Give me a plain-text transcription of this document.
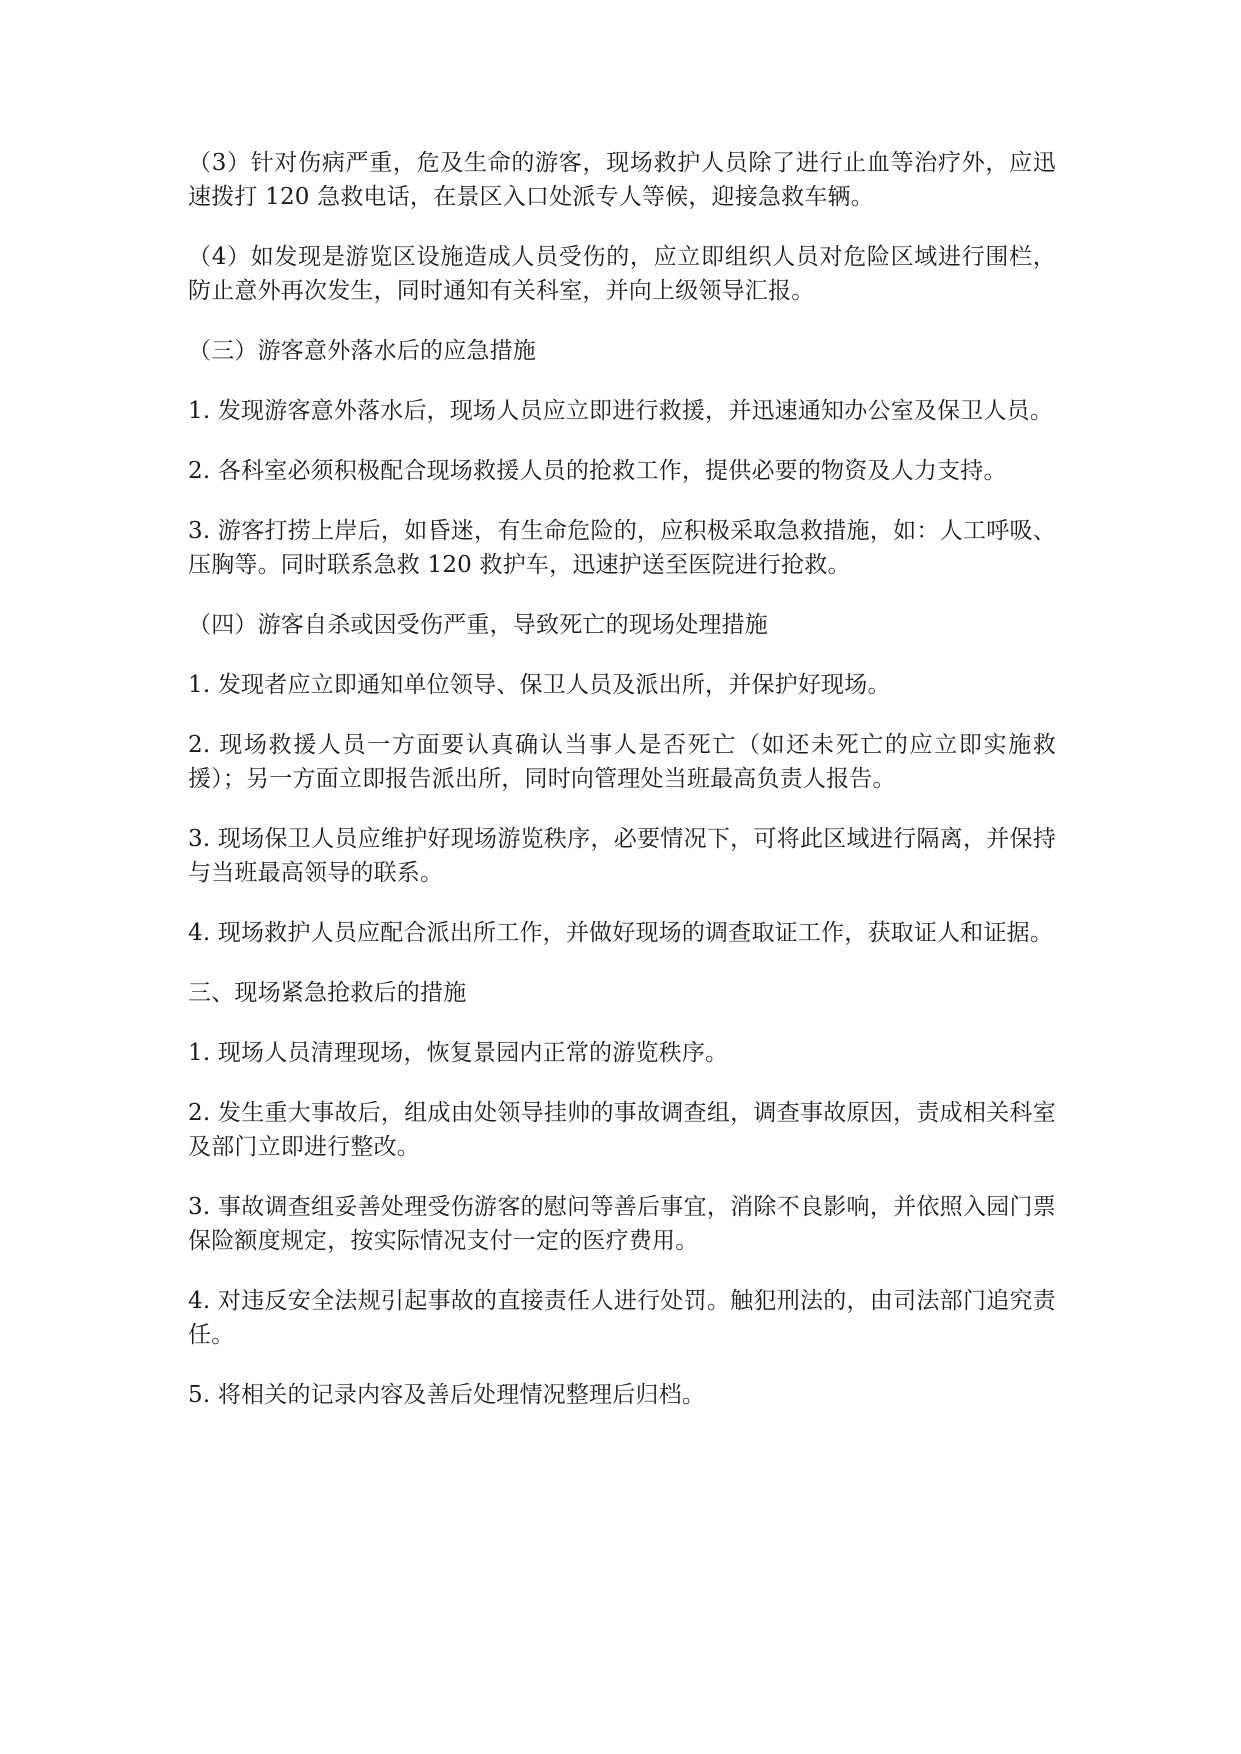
（3）针对伤病严重，危及生命的游客，现场救护人员除了进行止血等治疗外，应迅速拨打 120 急救电话，在景区入口处派专人等候，迎接急救车辆。

（4）如发现是游览区设施造成人员受伤的，应立即组织人员对危险区域进行围栏，防止意外再次发生，同时通知有关科室，并向上级领导汇报。

（三）游客意外落水后的应急措施

1. 发现游客意外落水后，现场人员应立即进行救援，并迅速通知办公室及保卫人员。

2. 各科室必须积极配合现场救援人员的抢救工作，提供必要的物资及人力支持。

3. 游客打捞上岸后，如昏迷，有生命危险的，应积极采取急救措施，如：人工呼吸、压胸等。同时联系急救 120 救护车，迅速护送至医院进行抢救。

（四）游客自杀或因受伤严重，导致死亡的现场处理措施

1. 发现者应立即通知单位领导、保卫人员及派出所，并保护好现场。

2. 现场救援人员一方面要认真确认当事人是否死亡（如还未死亡的应立即实施救援）；另一方面立即报告派出所，同时向管理处当班最高负责人报告。

3. 现场保卫人员应维护好现场游览秩序，必要情况下，可将此区域进行隔离，并保持与当班最高领导的联系。

4. 现场救护人员应配合派出所工作，并做好现场的调查取证工作，获取证人和证据。

三、现场紧急抢救后的措施

1. 现场人员清理现场，恢复景园内正常的游览秩序。

2. 发生重大事故后，组成由处领导挂帅的事故调查组，调查事故原因，责成相关科室及部门立即进行整改。

3. 事故调查组妥善处理受伤游客的慰问等善后事宜，消除不良影响，并依照入园门票保险额度规定，按实际情况支付一定的医疗费用。

4. 对违反安全法规引起事故的直接责任人进行处罚。触犯刑法的，由司法部门追究责任。

5. 将相关的记录内容及善后处理情况整理后归档。
